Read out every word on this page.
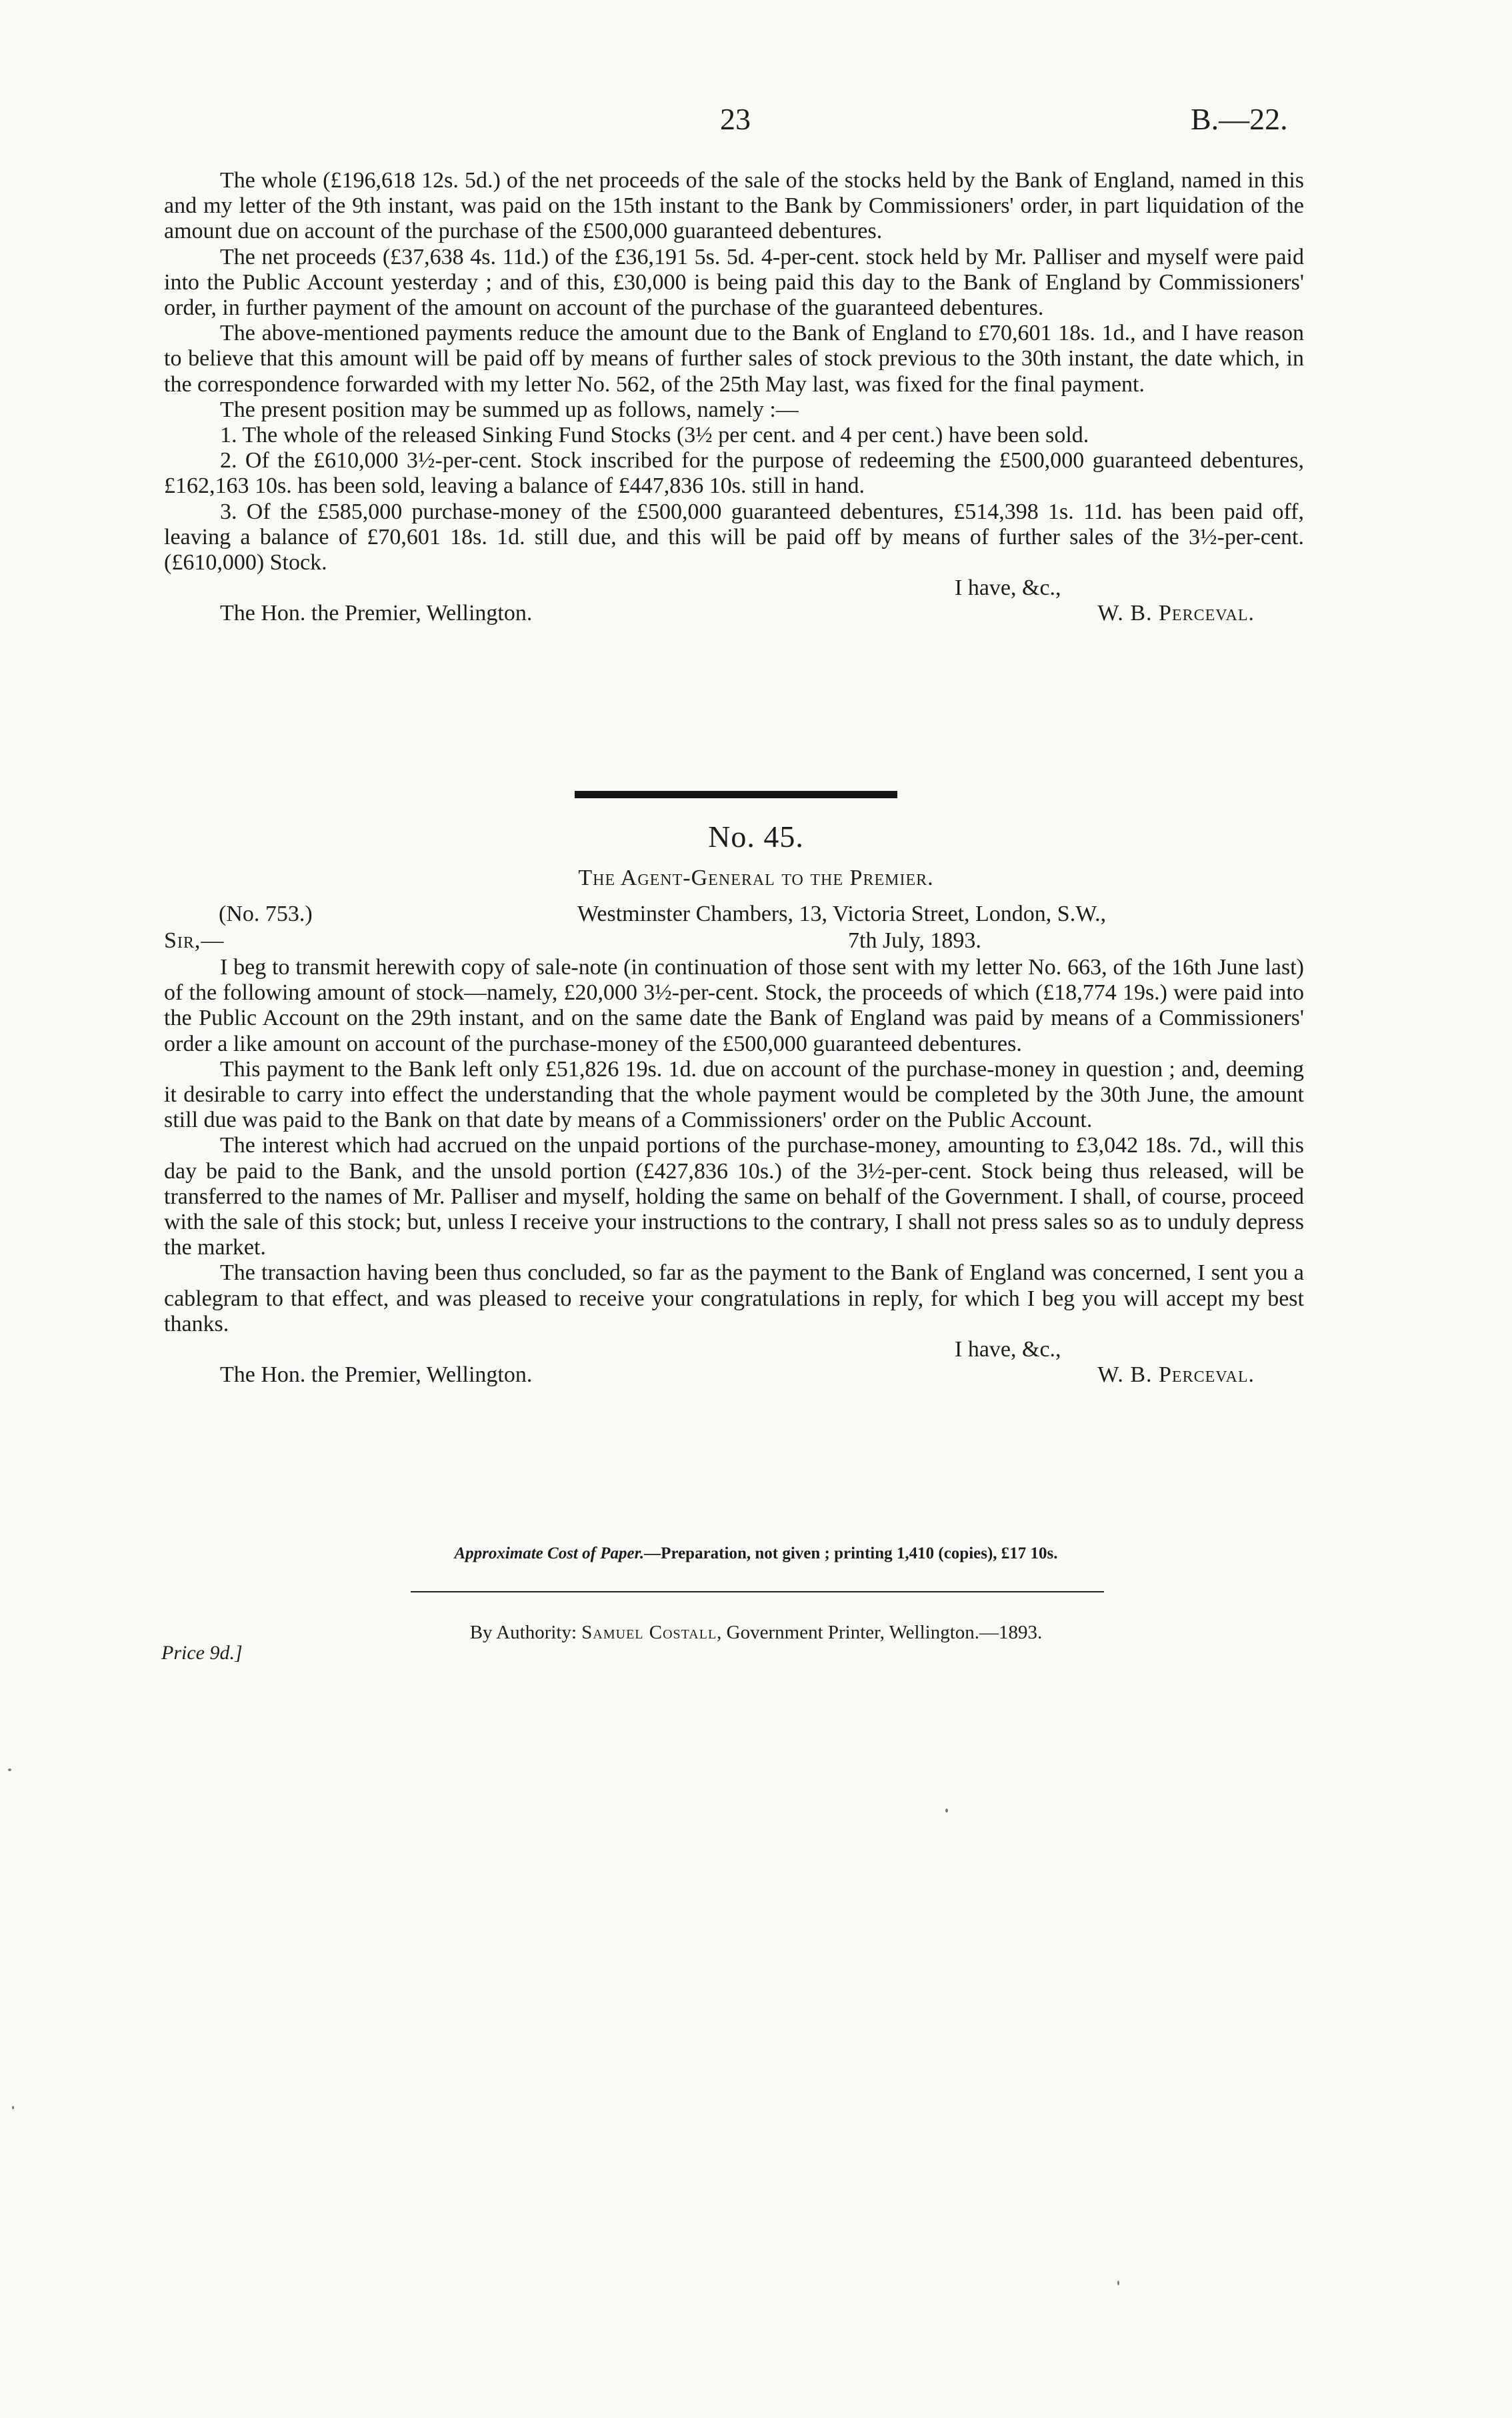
23	B.—22.

The whole (£196,618 12s. 5d.) of the net proceeds of the sale of the stocks held by the Bank of England, named in this and my letter of the 9th instant, was paid on the 15th instant to the Bank by Commissioners' order, in part liquidation of the amount due on account of the purchase of the £500,000 guaranteed debentures.

The net proceeds (£37,638 4s. 11d.) of the £36,191 5s. 5d. 4-per-cent. stock held by Mr. Palliser and myself were paid into the Public Account yesterday ; and of this, £30,000 is being paid this day to the Bank of England by Commissioners' order, in further payment of the amount on account of the purchase of the guaranteed debentures.

The above-mentioned payments reduce the amount due to the Bank of England to £70,601 18s. 1d., and I have reason to believe that this amount will be paid off by means of further sales of stock previous to the 30th instant, the date which, in the correspondence forwarded with my letter No. 562, of the 25th May last, was fixed for the final payment.

The present position may be summed up as follows, namely :—

1. The whole of the released Sinking Fund Stocks (3½ per cent. and 4 per cent.) have been sold.

2. Of the £610,000 3½-per-cent. Stock inscribed for the purpose of redeeming the £500,000 guaranteed debentures, £162,163 10s. has been sold, leaving a balance of £447,836 10s. still in hand.

3. Of the £585,000 purchase-money of the £500,000 guaranteed debentures, £514,398 1s. 11d. has been paid off, leaving a balance of £70,601 18s. 1d. still due, and this will be paid off by means of further sales of the 3½-per-cent. (£610,000) Stock.

I have, &c.,
The Hon. the Premier, Wellington.	W. B. Perceval.
No. 45.
The Agent-General to the Premier.
(No. 753.)	Westminster Chambers, 13, Victoria Street, London, S.W.,
Sir,—	7th July, 1893.

I beg to transmit herewith copy of sale-note (in continuation of those sent with my letter No. 663, of the 16th June last) of the following amount of stock—namely, £20,000 3½-per-cent. Stock, the proceeds of which (£18,774 19s.) were paid into the Public Account on the 29th instant, and on the same date the Bank of England was paid by means of a Commissioners' order a like amount on account of the purchase-money of the £500,000 guaranteed debentures.

This payment to the Bank left only £51,826 19s. 1d. due on account of the purchase-money in question ; and, deeming it desirable to carry into effect the understanding that the whole payment would be completed by the 30th June, the amount still due was paid to the Bank on that date by means of a Commissioners' order on the Public Account.

The interest which had accrued on the unpaid portions of the purchase-money, amounting to £3,042 18s. 7d., will this day be paid to the Bank, and the unsold portion (£427,836 10s.) of the 3½-per-cent. Stock being thus released, will be transferred to the names of Mr. Palliser and myself, holding the same on behalf of the Government. I shall, of course, proceed with the sale of this stock; but, unless I receive your instructions to the contrary, I shall not press sales so as to unduly depress the market.

The transaction having been thus concluded, so far as the payment to the Bank of England was concerned, I sent you a cablegram to that effect, and was pleased to receive your congratulations in reply, for which I beg you will accept my best thanks.

I have, &c.,
The Hon. the Premier, Wellington.	W. B. Perceval.
Approximate Cost of Paper.—Preparation, not given ; printing 1,410 (copies), £17 10s.
Price 9d.]
By Authority: Samuel Costall, Government Printer, Wellington.—1893.
